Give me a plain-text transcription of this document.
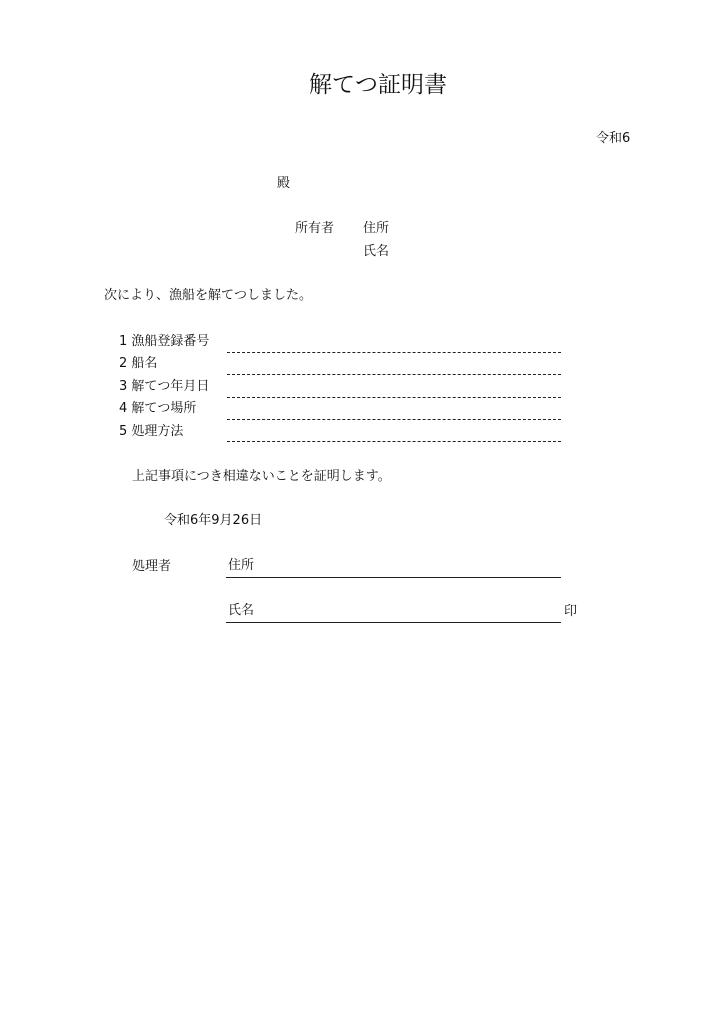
解てつ証明書
令和6
殿
所有者 住所
氏名
次により、漁船を解てつしました。
1 漁船登録番号
2 船名
3 解てつ年月日
4 解てつ場所
5 処理方法
上記事項につき相違ないことを証明します。
令和6年9月26日
処理者	住所
氏名	印
